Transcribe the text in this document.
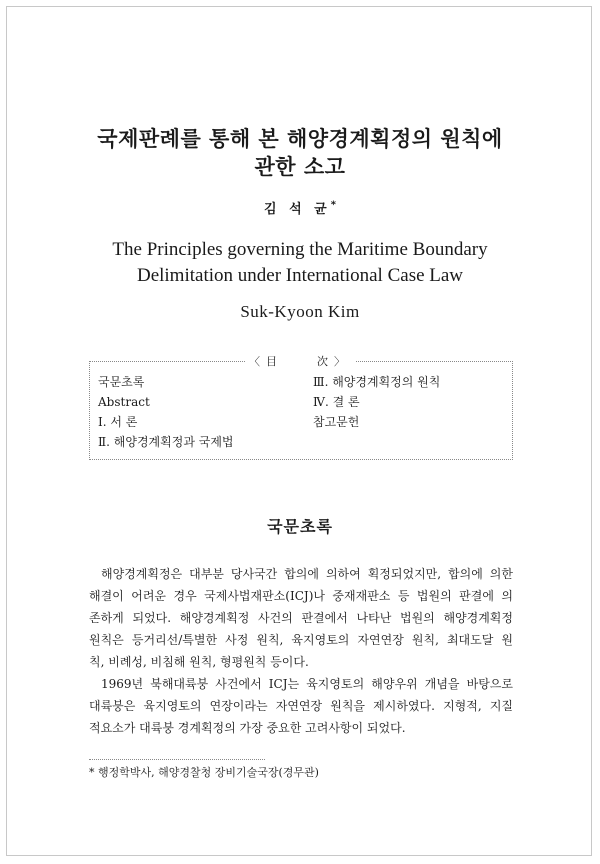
국제판례를 통해 본 해양경계획정의 원칙에
관한 소고
김 석 균*
The Principles governing the Maritime Boundary
Delimitation under International Case Law
Suk-Kyoon Kim
〈目　　次〉
국문초록
Abstract
Ⅰ. 서 론
Ⅱ. 해양경계획정과 국제법
Ⅲ. 해양경계획정의 원칙
Ⅳ. 결 론
참고문헌
국문초록
해양경계획정은 대부분 당사국간 합의에 의하여 획정되었지만, 합의에 의한
해결이 어려운 경우 국제사법재판소(ICJ)나 중재재판소 등 법원의 판결에 의
존하게 되었다. 해양경계획정 사건의 판결에서 나타난 법원의 해양경계획정
원칙은 등거리선/특별한 사정 원칙, 육지영토의 자연연장 원칙, 최대도달 원
칙, 비례성, 비침해 원칙, 형평원칙 등이다.
1969년 북해대륙붕 사건에서 ICJ는 육지영토의 해양우위 개념을 바탕으로
대륙붕은 육지영토의 연장이라는 자연연장 원칙을 제시하였다. 지형적, 지질
적요소가 대륙붕 경계획정의 가장 중요한 고려사항이 되었다.
* 행정학박사, 해양경찰청 장비기술국장(경무관)
